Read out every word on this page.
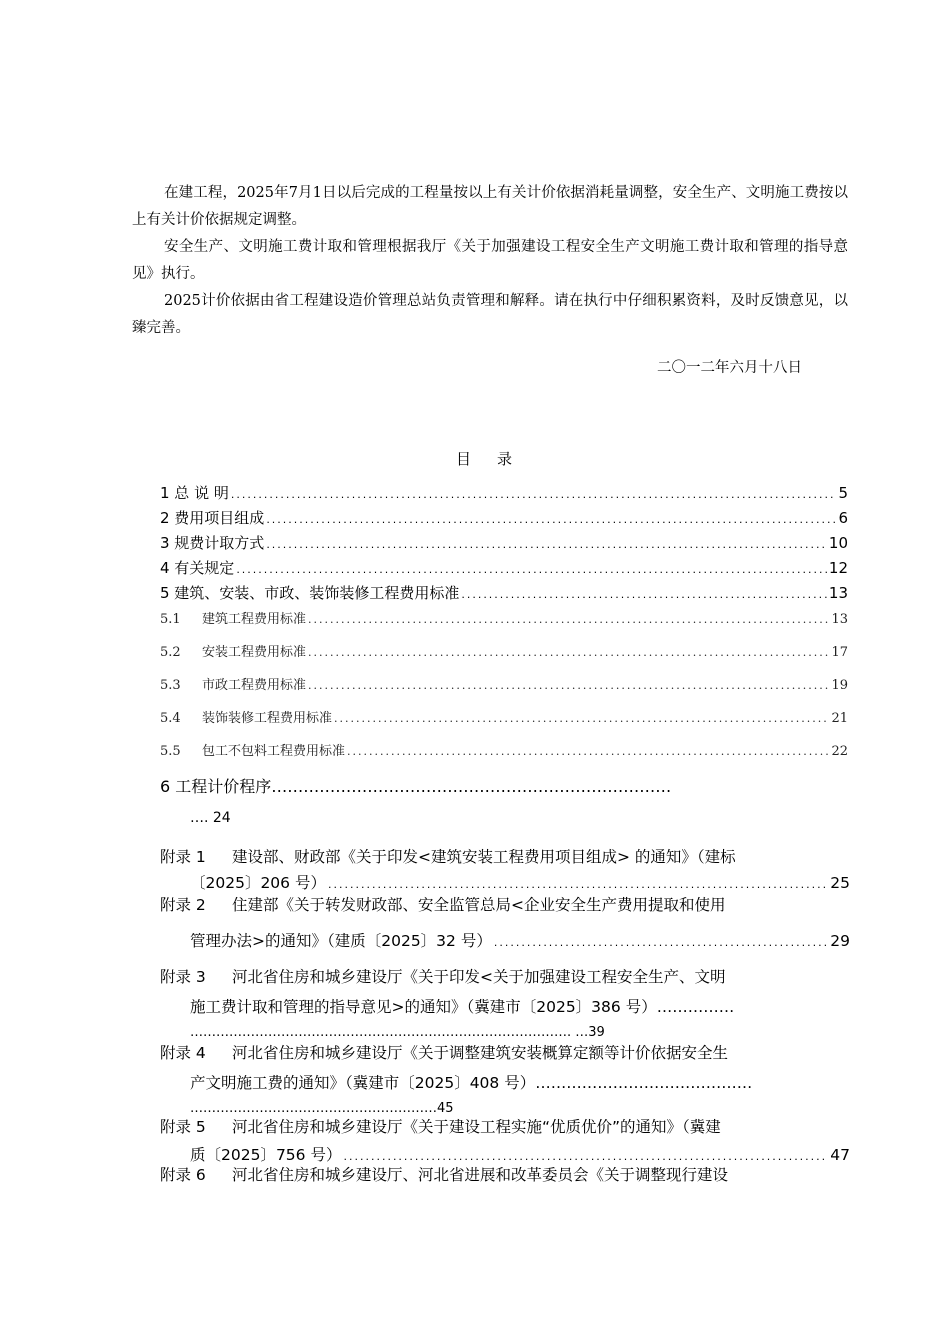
在建工程，2025年7月1日以后完成的工程量按以上有关计价依据消耗量调整，安全生产、文明施工费按以上有关计价依据规定调整。

安全生产、文明施工费计取和管理根据我厅《关于加强建设工程安全生产文明施工费计取和管理的指导意见》执行。

2025计价依据由省工程建设造价管理总站负责管理和解释。请在执行中仔细积累资料，及时反馈意见，以臻完善。

二〇一二年六月十八日
目录
1 总 说 明 .....	5
2 费用项目组成 .....	6
3 规费计取方式 .....	10
4 有关规定 .....	12
5 建筑、安装、市政、装饰装修工程费用标准 .....	13
5.1 建筑工程费用标准 .....	13
5.2 安装工程费用标准 .....	17
5.3 市政工程费用标准 .....	19
5.4 装饰装修工程费用标准 .....	21
5.5 包工不包料工程费用标准 .....	22
6 工程计价程序…………………………………………………………………
…. 24
附录 1 建设部、财政部《关于印发<建筑安装工程费用项目组成> 的通知》（建标
〔2025〕206 号） .....	25
附录 2 住建部《关于转发财政部、安全监管总局<企业安全生产费用提取和使用
管理办法>的通知》（建质〔2025〕32 号） .....	29
附录 3 河北省住房和城乡建设厅《关于印发<关于加强建设工程安全生产、文明
施工费计取和管理的指导意见>的通知》（冀建市〔2025〕386 号）……………
……………………………………………………………………………. …39
附录 4 河北省住房和城乡建设厅《关于调整建筑安装概算定额等计价依据安全生
产文明施工费的通知》（冀建市〔2025〕408 号）……………………………………
…………………………………………………45
附录 5 河北省住房和城乡建设厅《关于建设工程实施“优质优价”的通知》（冀建
质〔2025〕756 号） .....	47
附录 6 河北省住房和城乡建设厅、河北省进展和改革委员会《关于调整现行建设
